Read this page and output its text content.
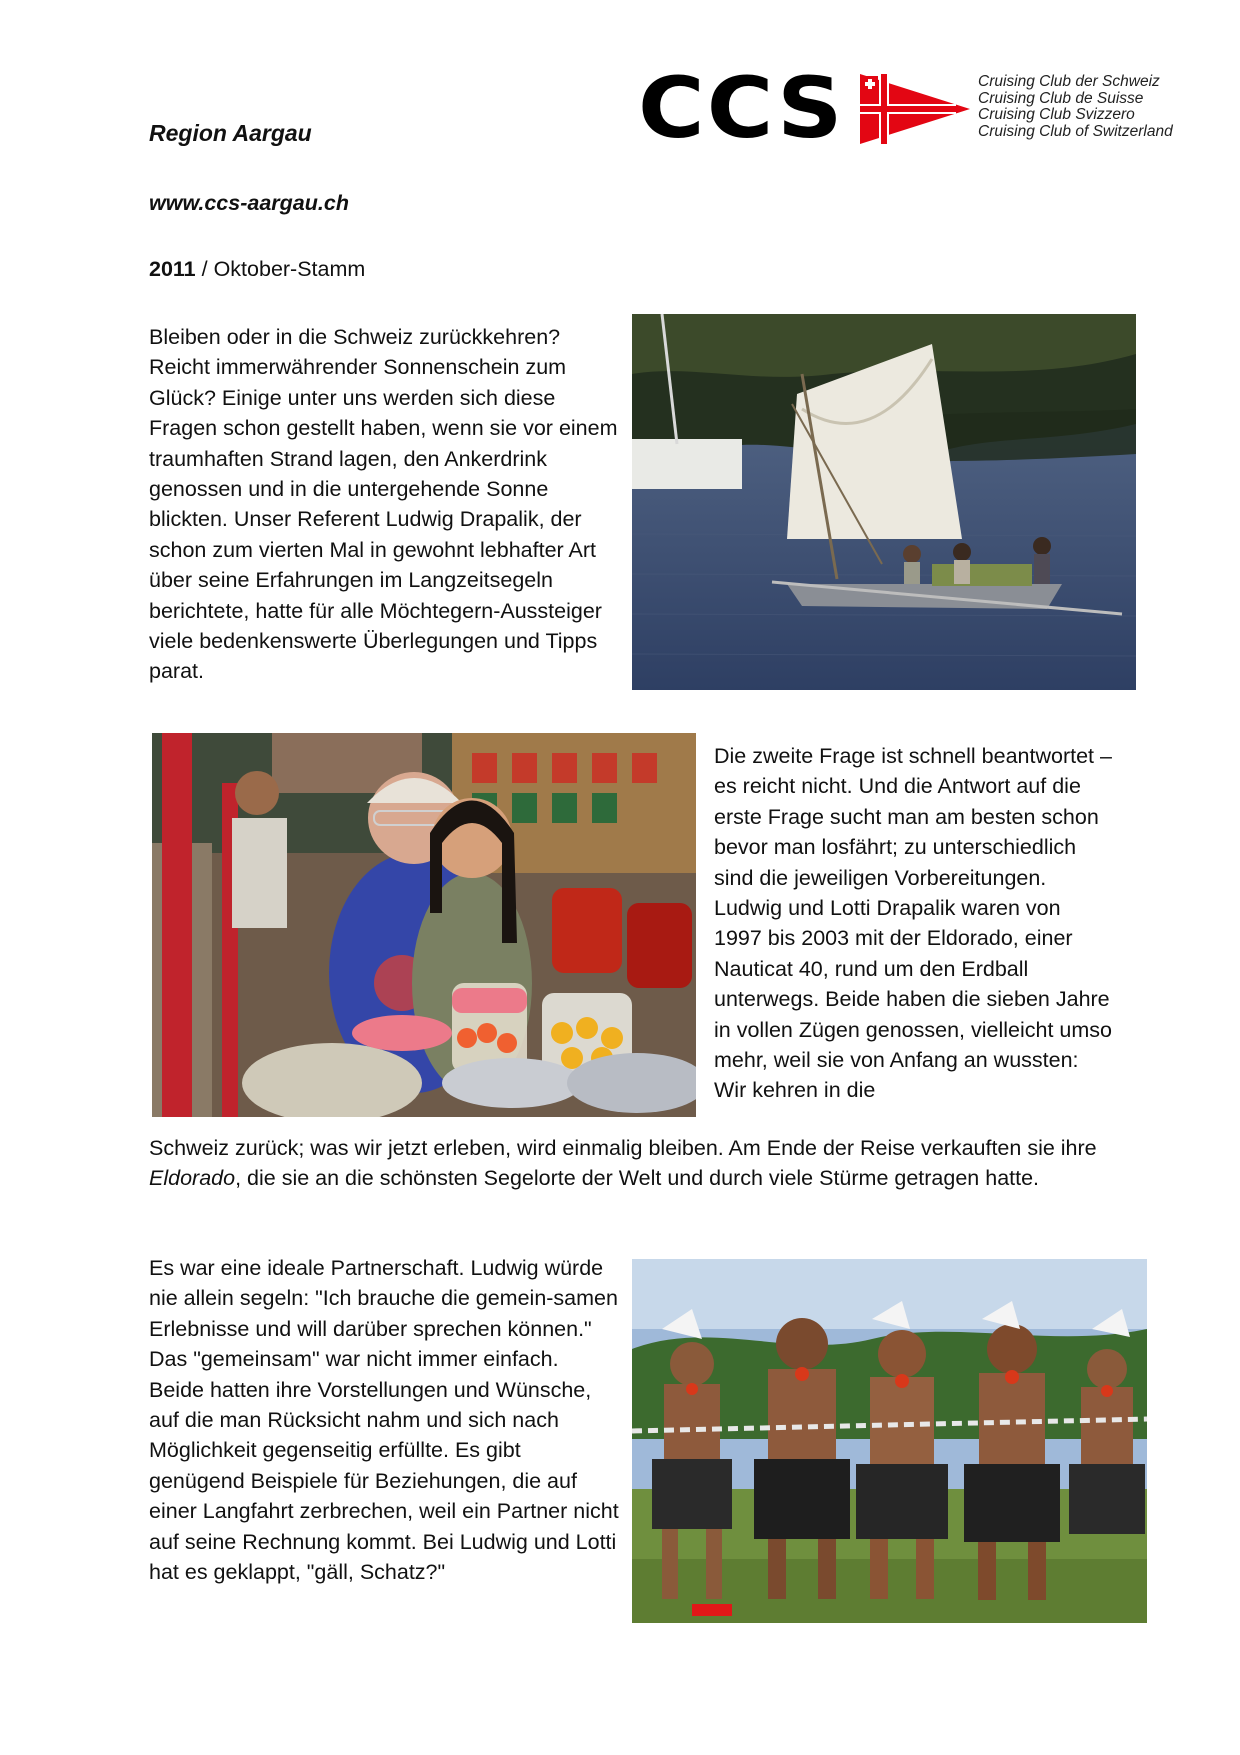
Region Aargau
www.ccs-aargau.ch
2011 / Oktober-Stamm
CCS	Cruising Club der Schweiz
Cruising Club de Suisse
Cruising Club Svizzero
Cruising Club of Switzerland
Bleiben oder in die Schweiz zurückkehren? Reicht immerwährender Sonnenschein zum Glück? Einige unter uns werden sich diese Fragen schon gestellt haben, wenn sie vor einem traumhaften Strand lagen, den Ankerdrink genossen und in die untergehende Sonne blickten. Unser Referent Ludwig Drapalik, der schon zum vierten Mal in gewohnt lebhafter Art über seine Erfahrungen im Langzeitsegeln berichtete, hatte für alle Möchtegern-Aussteiger viele bedenkenswerte Überlegungen und Tipps parat.
Die zweite Frage ist schnell beantwortet – es reicht nicht. Und die Antwort auf die erste Frage sucht man am besten schon bevor man losfährt; zu unterschiedlich sind die jeweiligen Vorbereitungen. Ludwig und Lotti Drapalik waren von 1997 bis 2003 mit der Eldorado, einer Nauticat 40, rund um den Erdball unterwegs. Beide haben die sieben Jahre in vollen Zügen genossen, vielleicht umso mehr, weil sie von Anfang an wussten: Wir kehren in die
Schweiz zurück; was wir jetzt erleben, wird einmalig bleiben. Am Ende der Reise verkauften sie ihre Eldorado, die sie an die schönsten Segelorte der Welt und durch viele Stürme getragen hatte.
Es war eine ideale Partnerschaft. Ludwig würde nie allein segeln: "Ich brauche die gemein-samen Erlebnisse und will darüber sprechen können." Das "gemeinsam" war nicht immer einfach. Beide hatten ihre Vorstellungen und Wünsche, auf die man Rücksicht nahm und sich nach Möglichkeit gegenseitig erfüllte. Es gibt genügend Beispiele für Beziehungen, die auf einer Langfahrt zerbrechen, weil ein Partner nicht auf seine Rechnung kommt. Bei Ludwig und Lotti hat es geklappt, "gäll, Schatz?"
